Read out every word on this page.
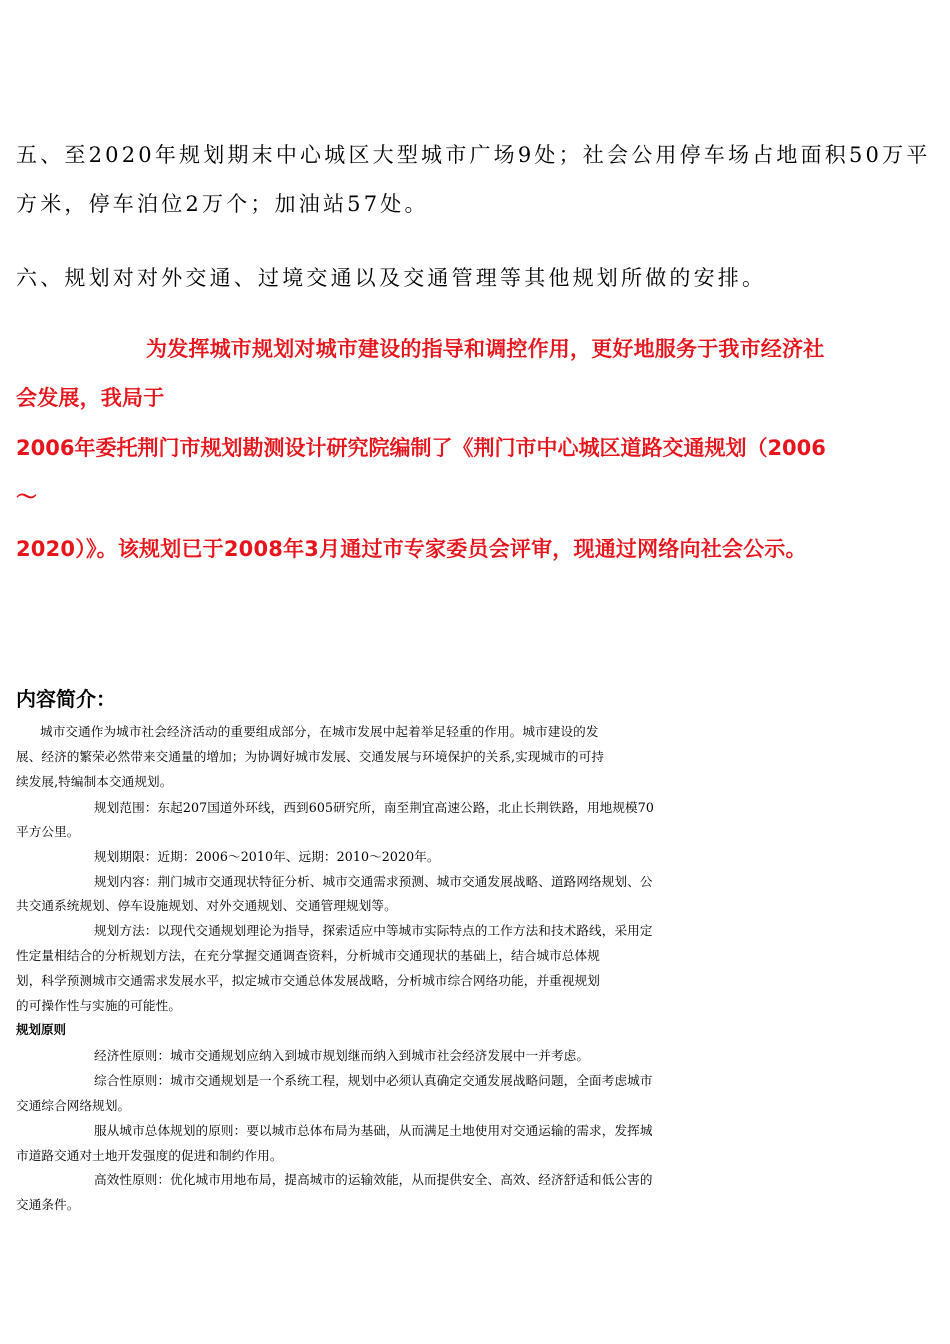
五、至2020年规划期末中心城区大型城市广场9处；社会公用停车场占地面积50万平
方米，停车泊位2万个；加油站57处。
六、规划对对外交通、过境交通以及交通管理等其他规划所做的安排。
为发挥城市规划对城市建设的指导和调控作用，更好地服务于我市经济社
会发展，我局于
2006年委托荆门市规划勘测设计研究院编制了《荆门市中心城区道路交通规划（2006
～
2020）》。该规划已于2008年3月通过市专家委员会评审，现通过网络向社会公示。
内容简介：
城市交通作为城市社会经济活动的重要组成部分，在城市发展中起着举足轻重的作用。城市建设的发
展、经济的繁荣必然带来交通量的增加；为协调好城市发展、交通发展与环境保护的关系,实现城市的可持
续发展,特编制本交通规划。
规划范围：东起207国道外环线，西到605研究所，南至荆宜高速公路，北止长荆铁路，用地规模70
平方公里。
规划期限：近期：2006～2010年、远期：2010～2020年。
规划内容：荆门城市交通现状特征分析、城市交通需求预测、城市交通发展战略、道路网络规划、公
共交通系统规划、停车设施规划、对外交通规划、交通管理规划等。
规划方法：以现代交通规划理论为指导，探索适应中等城市实际特点的工作方法和技术路线，采用定
性定量相结合的分析规划方法，在充分掌握交通调查资料，分析城市交通现状的基础上，结合城市总体规
划，科学预测城市交通需求发展水平，拟定城市交通总体发展战略，分析城市综合网络功能，并重视规划
的可操作性与实施的可能性。
规划原则
经济性原则：城市交通规划应纳入到城市规划继而纳入到城市社会经济发展中一并考虑。
综合性原则：城市交通规划是一个系统工程，规划中必须认真确定交通发展战略问题，全面考虑城市
交通综合网络规划。
服从城市总体规划的原则：要以城市总体布局为基础，从而满足土地使用对交通运输的需求，发挥城
市道路交通对土地开发强度的促进和制约作用。
高效性原则：优化城市用地布局，提高城市的运输效能，从而提供安全、高效、经济舒适和低公害的
交通条件。
